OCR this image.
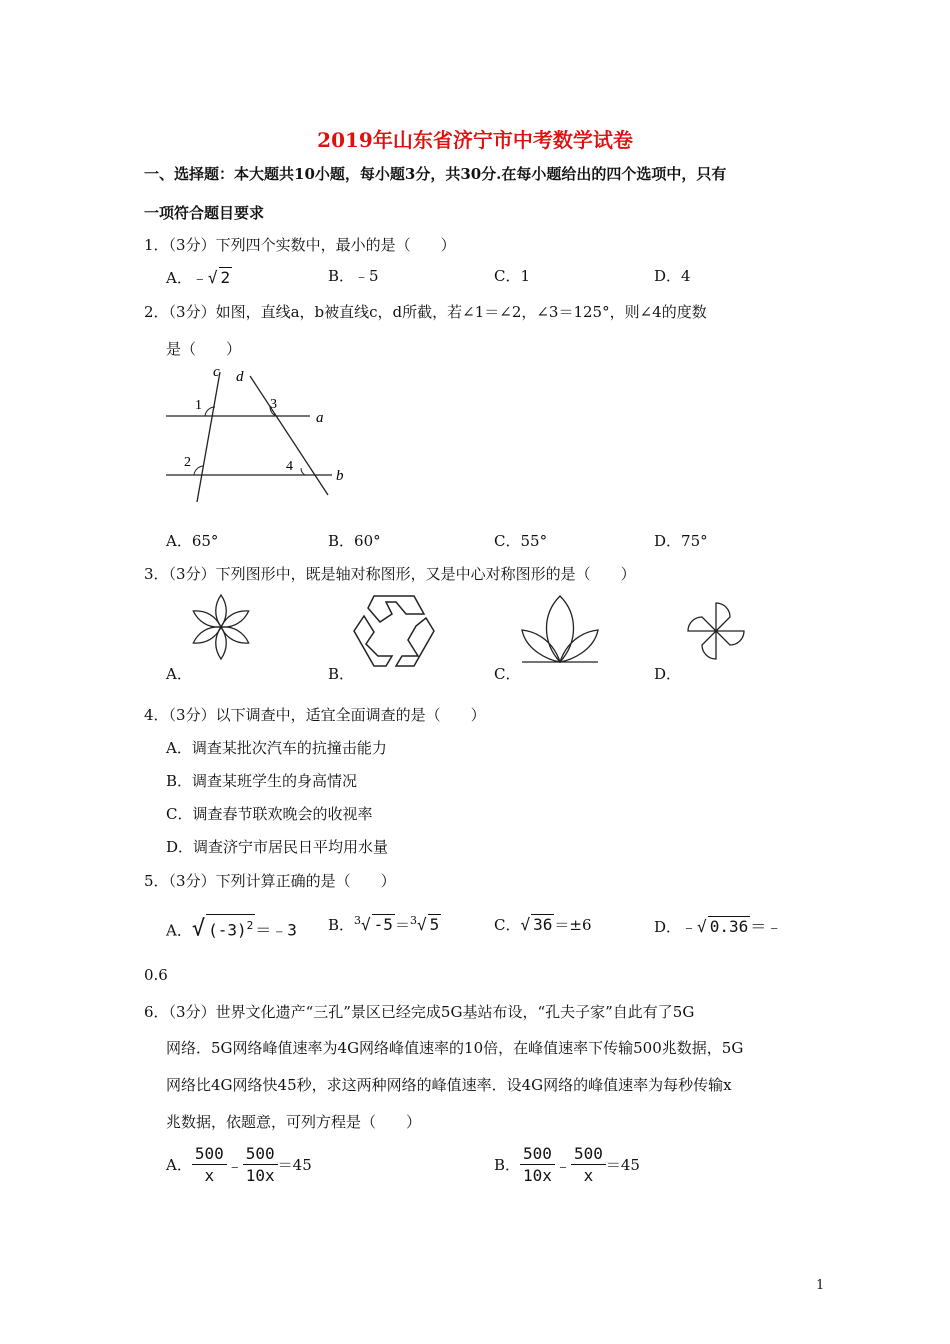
2019年山东省济宁市中考数学试卷
一、选择题：本大题共10小题，每小题3分，共30分.在每小题给出的四个选项中，只有
一项符合题目要求
1．（3分）下列四个实数中，最小的是（　　）
A．﹣√ 2	B．﹣5	C．1	D．4
2．（3分）如图，直线a，b被直线c，d所截，若∠1＝∠2，∠3＝125°，则∠4的度数
是（　　）
c d
a
b
1
2
3
4
A．65°	B．60°	C．55°	D．75°
3．（3分）下列图形中，既是轴对称图形，又是中心对称图形的是（　　）
A．	B．	C．	D．
4．（3分）以下调查中，适宜全面调查的是（　　）
A．调查某批次汽车的抗撞击能力
B．调查某班学生的身高情况
C．调查春节联欢晚会的收视率
D．调查济宁市居民日平均用水量
5．（3分）下列计算正确的是（　　）
A．√ $(-3)^2$ ＝﹣3 B．$^3$√ -5 ＝$^3$√ 5	C．√ 36 ＝±6	D．﹣√ 0.36 ＝﹣
0.6
6．（3分）世界文化遗产“三孔”景区已经完成5G基站布设，“孔夫子家”自此有了5G
网络．5G网络峰值速率为4G网络峰值速率的10倍，在峰值速率下传输500兆数据，5G
网络比4G网络快45秒，求这两种网络的峰值速率．设4G网络的峰值速率为每秒传输x
兆数据，依题意，可列方程是（　　）
A． $\frac{500}{x}$ ﹣ $\frac{500}{10x} =45$	B． $\frac{500}{10x}$ ﹣ $\frac{500}{x} =45$
1
